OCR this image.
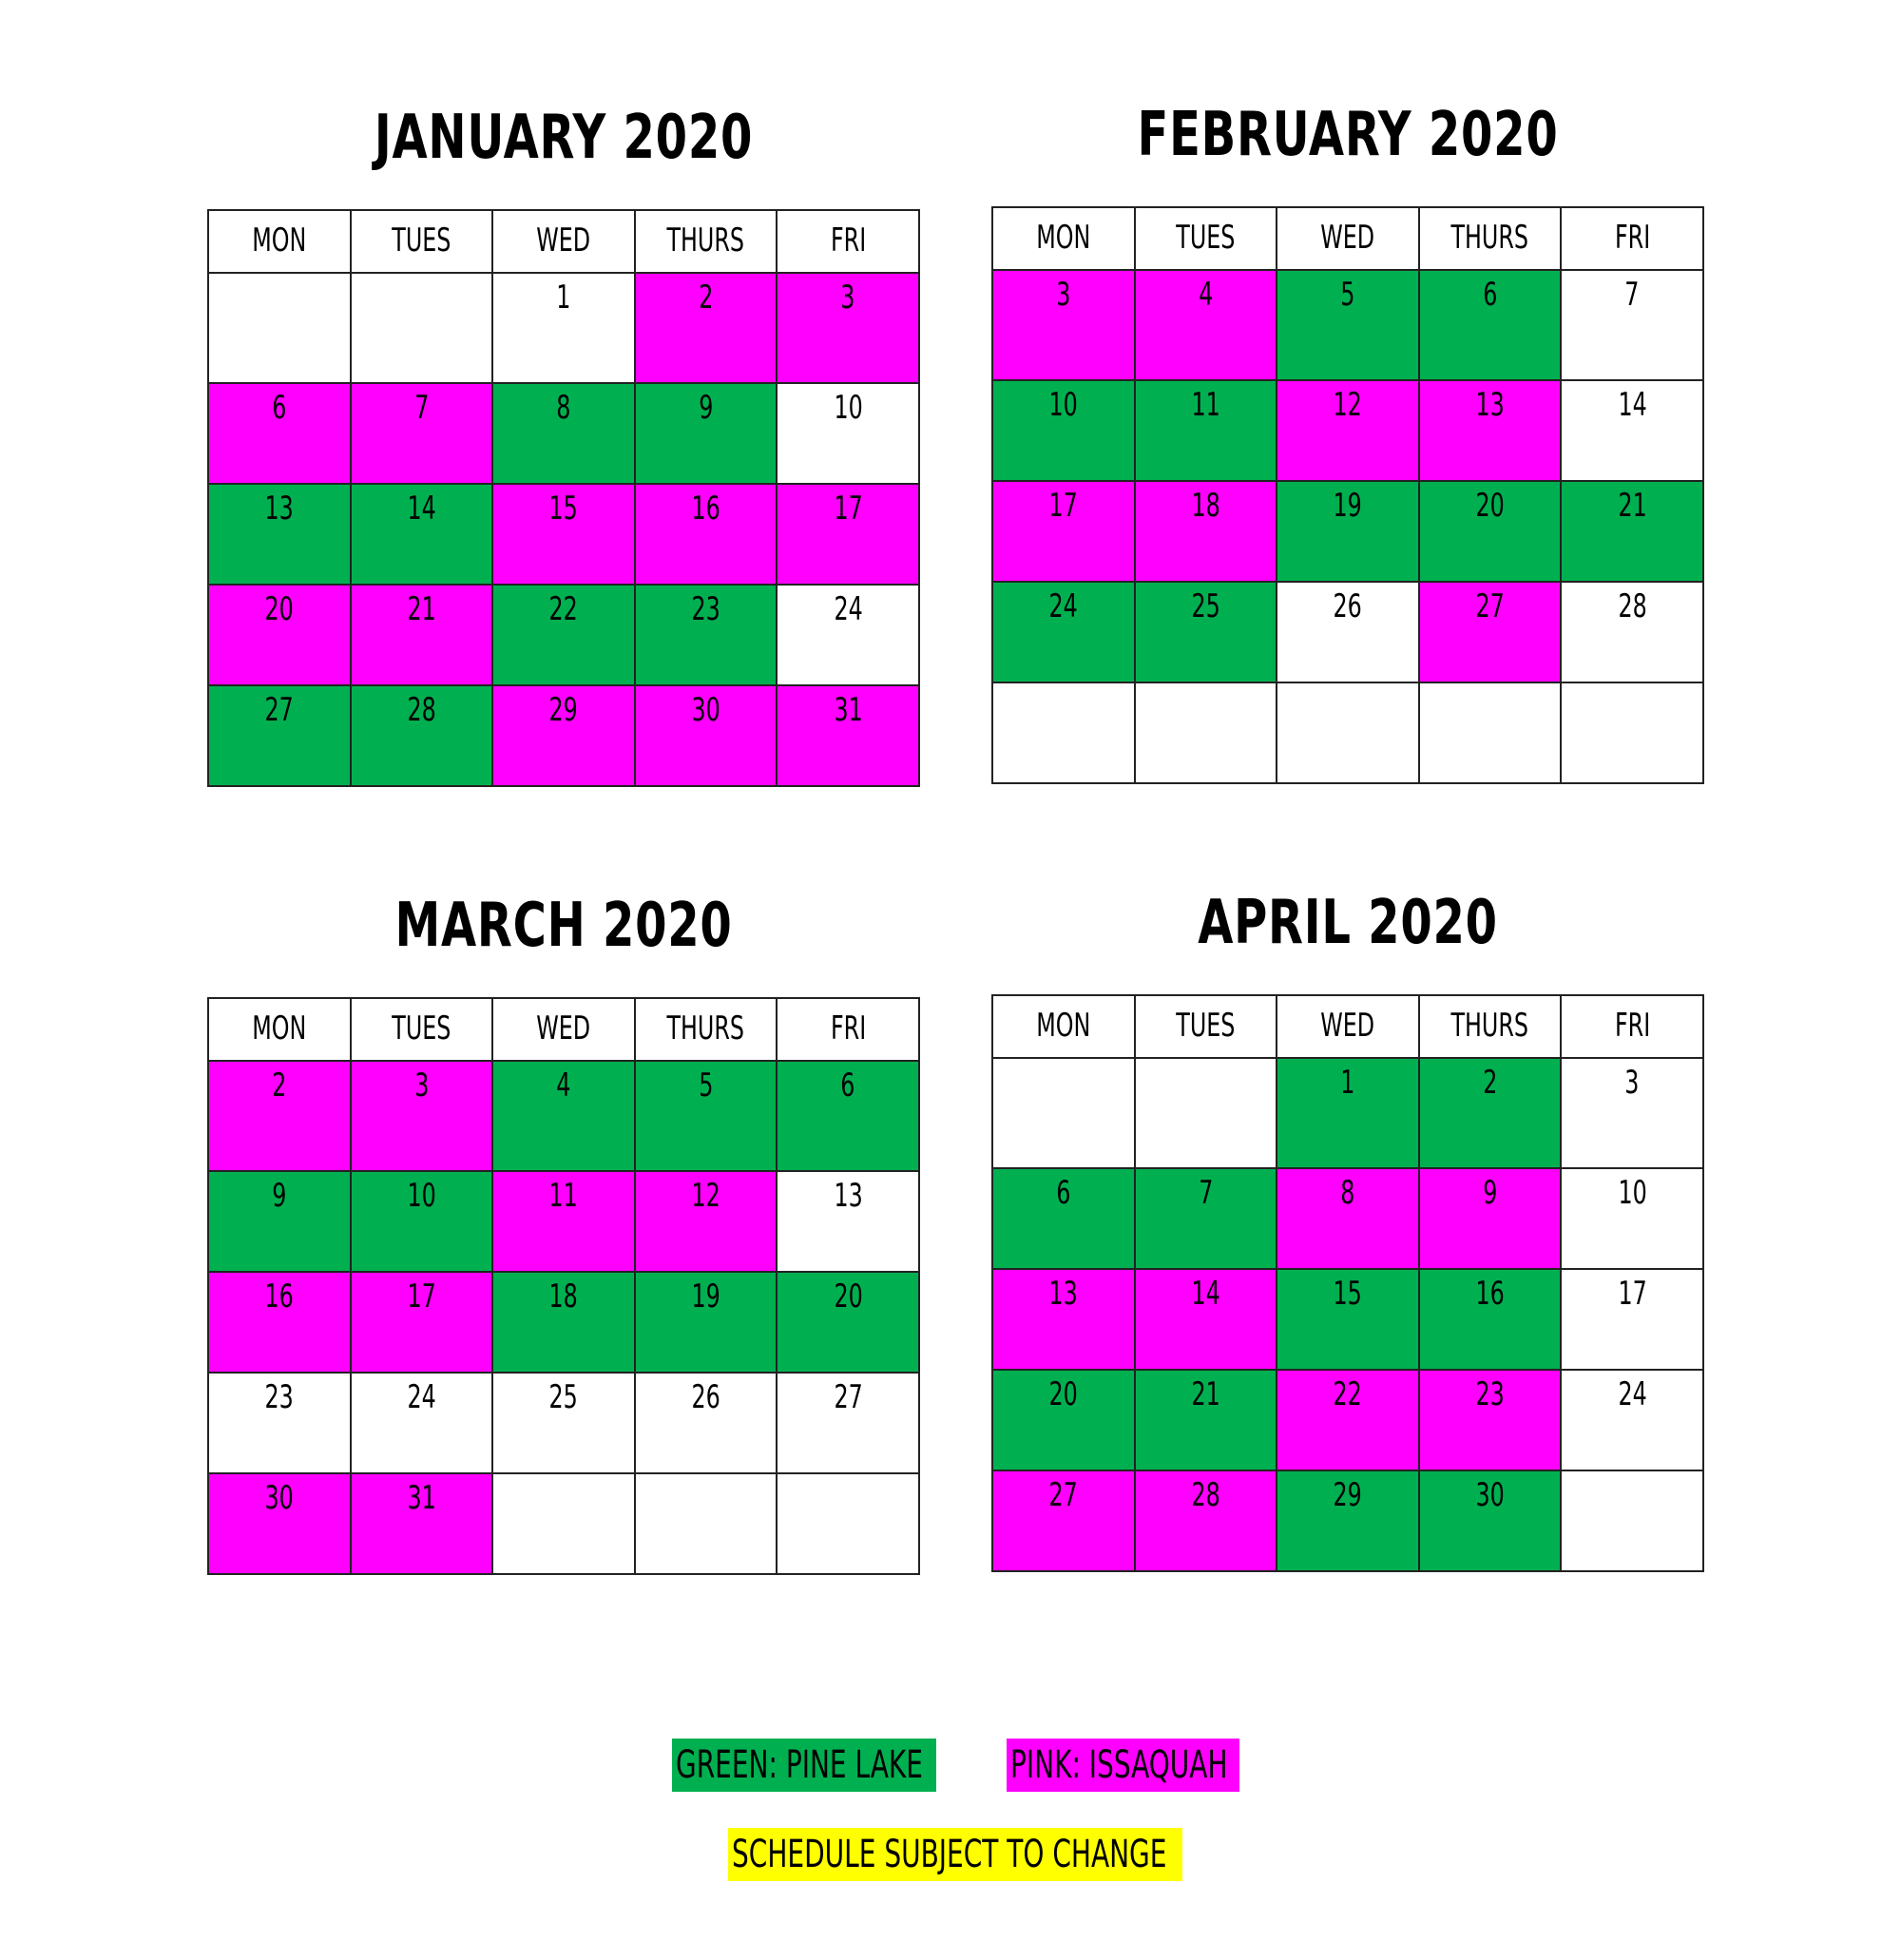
JANUARY 2020
MON	TUES	WED	THURS	FRI
		1	2	3
6	7	8	9	10
13	14	15	16	17
20	21	22	23	24
27	28	29	30	31
FEBRUARY 2020
MON	TUES	WED	THURS	FRI
3	4	5	6	7
10	11	12	13	14
17	18	19	20	21
24	25	26	27	28

MARCH 2020
MON	TUES	WED	THURS	FRI
2	3	4	5	6
9	10	11	12	13
16	17	18	19	20
23	24	25	26	27
30	31			
APRIL 2020
MON	TUES	WED	THURS	FRI
		1	2	3
6	7	8	9	10
13	14	15	16	17
20	21	22	23	24
27	28	29	30	
GREEN: PINE LAKE	PINK: ISSAQUAH
SCHEDULE SUBJECT TO CHANGE
